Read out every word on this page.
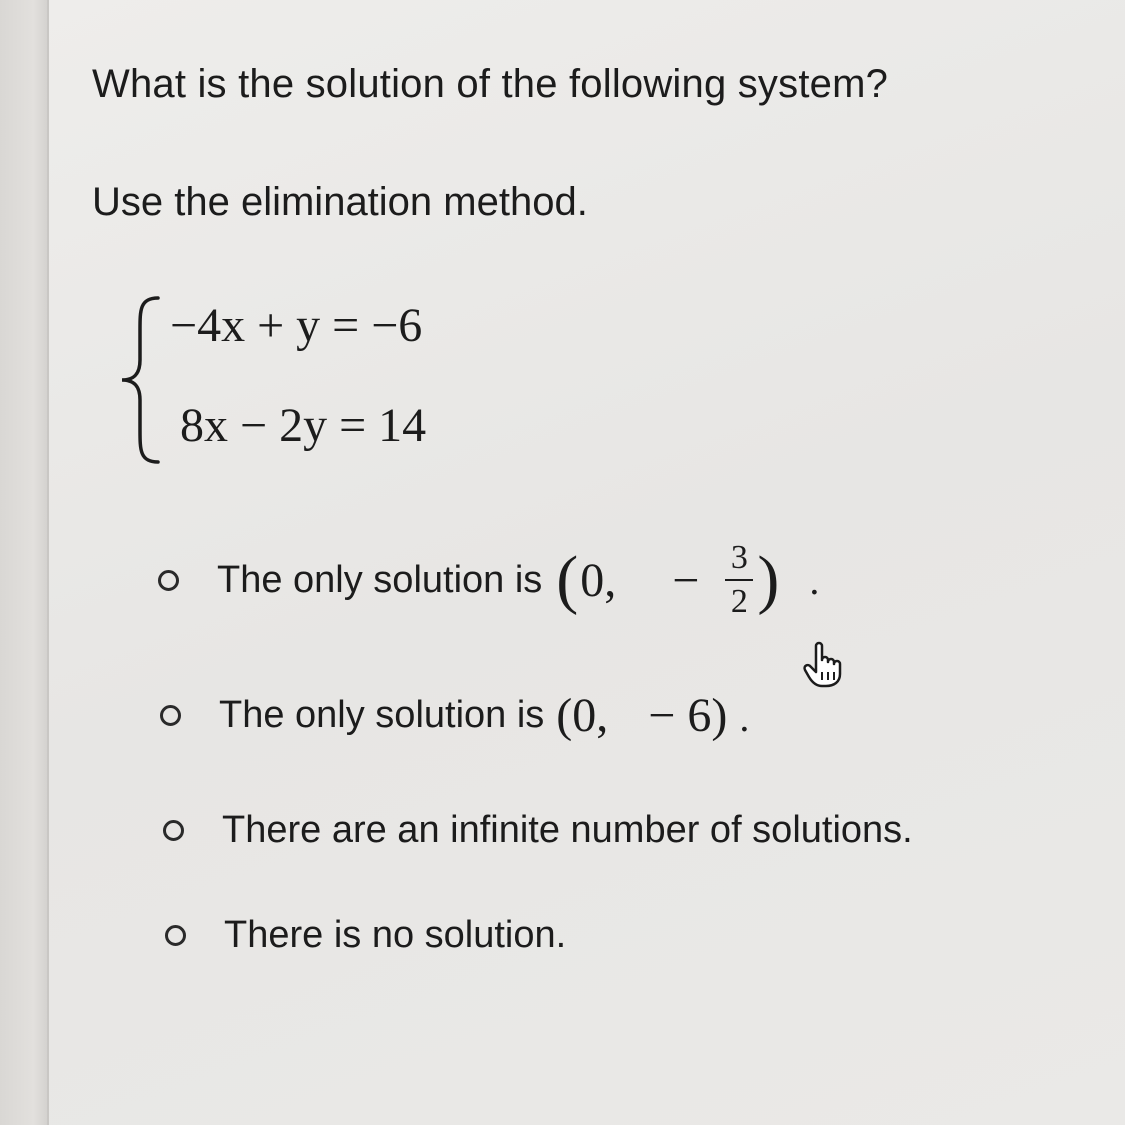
What is the solution of the following system?
Use the elimination method.
−4x + y = −6
8x − 2y = 14
The only solution is ( 0, − $\frac{3}{2}$ ) .
The only solution is (0, − 6) .
There are an infinite number of solutions.
There is no solution.
